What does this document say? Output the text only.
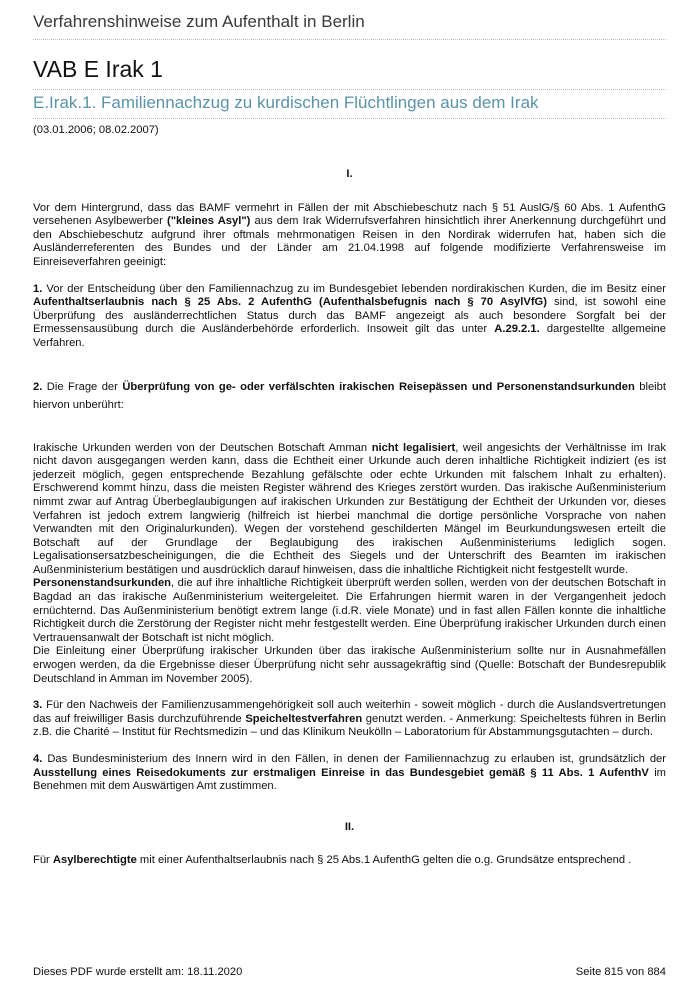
Verfahrenshinweise zum Aufenthalt in Berlin
VAB E Irak 1
E.Irak.1. Familiennachzug zu kurdischen Flüchtlingen aus dem Irak
(03.01.2006; 08.02.2007)

I.

Vor dem Hintergrund, dass das BAMF vermehrt in Fällen der mit Abschiebeschutz nach § 51 AuslG/§ 60 Abs. 1 AufenthG versehenen Asylbewerber ("kleines Asyl") aus dem Irak Widerrufsverfahren hinsichtlich ihrer Anerkennung durchgeführt und den Abschiebeschutz aufgrund ihrer oftmals mehrmonatigen Reisen in den Nordirak widerrufen hat, haben sich die Ausländerreferenten des Bundes und der Länder am 21.04.1998 auf folgende modifizierte Verfahrensweise im Einreiseverfahren geeinigt:

1. Vor der Entscheidung über den Familiennachzug zu im Bundesgebiet lebenden nordirakischen Kurden, die im Besitz einer Aufenthaltserlaubnis nach § 25 Abs. 2 AufenthG (Aufenthalsbefugnis nach § 70 AsylVfG) sind, ist sowohl eine Überprüfung des ausländerrechtlichen Status durch das BAMF angezeigt als auch besondere Sorgfalt bei der Ermessensausübung durch die Ausländerbehörde erforderlich. Insoweit gilt das unter A.29.2.1. dargestellte allgemeine Verfahren.

2. Die Frage der Überprüfung von ge- oder verfälschten irakischen Reisepässen und Personenstandsurkunden bleibt hiervon unberührt:

Irakische Urkunden werden von der Deutschen Botschaft Amman nicht legalisiert, weil angesichts der Verhältnisse im Irak nicht davon ausgegangen werden kann, dass die Echtheit einer Urkunde auch deren inhaltliche Richtigkeit indiziert (es ist jederzeit möglich, gegen entsprechende Bezahlung gefälschte oder echte Urkunden mit falschem Inhalt zu erhalten). Erschwerend kommt hinzu, dass die meisten Register während des Krieges zerstört wurden. Das irakische Außenministerium nimmt zwar auf Antrag Überbeglaubigungen auf irakischen Urkunden zur Bestätigung der Echtheit der Urkunden vor, dieses Verfahren ist jedoch extrem langwierig (hilfreich ist hierbei manchmal die dortige persönliche Vorsprache von nahen Verwandten mit den Originalurkunden). Wegen der vorstehend geschilderten Mängel im Beurkundungswesen erteilt die Botschaft auf der Grundlage der Beglaubigung des irakischen Außenministeriums lediglich sogen. Legalisationsersatzbescheinigungen, die die Echtheit des Siegels und der Unterschrift des Beamten im irakischen Außenministerium bestätigen und ausdrücklich darauf hinweisen, dass die inhaltliche Richtigkeit nicht festgestellt wurde.

Personenstandsurkunden, die auf ihre inhaltliche Richtigkeit überprüft werden sollen, werden von der deutschen Botschaft in Bagdad an das irakische Außenministerium weitergeleitet. Die Erfahrungen hiermit waren in der Vergangenheit jedoch ernüchternd. Das Außenministerium benötigt extrem lange (i.d.R. viele Monate) und in fast allen Fällen konnte die inhaltliche Richtigkeit durch die Zerstörung der Register nicht mehr festgestellt werden. Eine Überprüfung irakischer Urkunden durch einen Vertrauensanwalt der Botschaft ist nicht möglich.

Die Einleitung einer Überprüfung irakischer Urkunden über das irakische Außenministerium sollte nur in Ausnahmefällen erwogen werden, da die Ergebnisse dieser Überprüfung nicht sehr aussagekräftig sind (Quelle: Botschaft der Bundesrepublik Deutschland in Amman im November 2005).

3. Für den Nachweis der Familienzusammengehörigkeit soll auch weiterhin - soweit möglich - durch die Auslandsvertretungen das auf freiwilliger Basis durchzuführende Speicheltestverfahren genutzt werden. - Anmerkung: Speicheltests führen in Berlin z.B. die Charité – Institut für Rechtsmedizin – und das Klinikum Neukölln – Laboratorium für Abstammungsgutachten – durch.

4. Das Bundesministerium des Innern wird in den Fällen, in denen der Familiennachzug zu erlauben ist, grundsätzlich der Ausstellung eines Reisedokuments zur erstmaligen Einreise in das Bundesgebiet gemäß § 11 Abs. 1 AufenthV im Benehmen mit dem Auswärtigen Amt zustimmen.

II.

Für Asylberechtigte mit einer Aufenthaltserlaubnis nach § 25 Abs.1 AufenthG gelten die o.g. Grundsätze entsprechend .

Dieses PDF wurde erstellt am: 18.11.2020	Seite 815 von 884
